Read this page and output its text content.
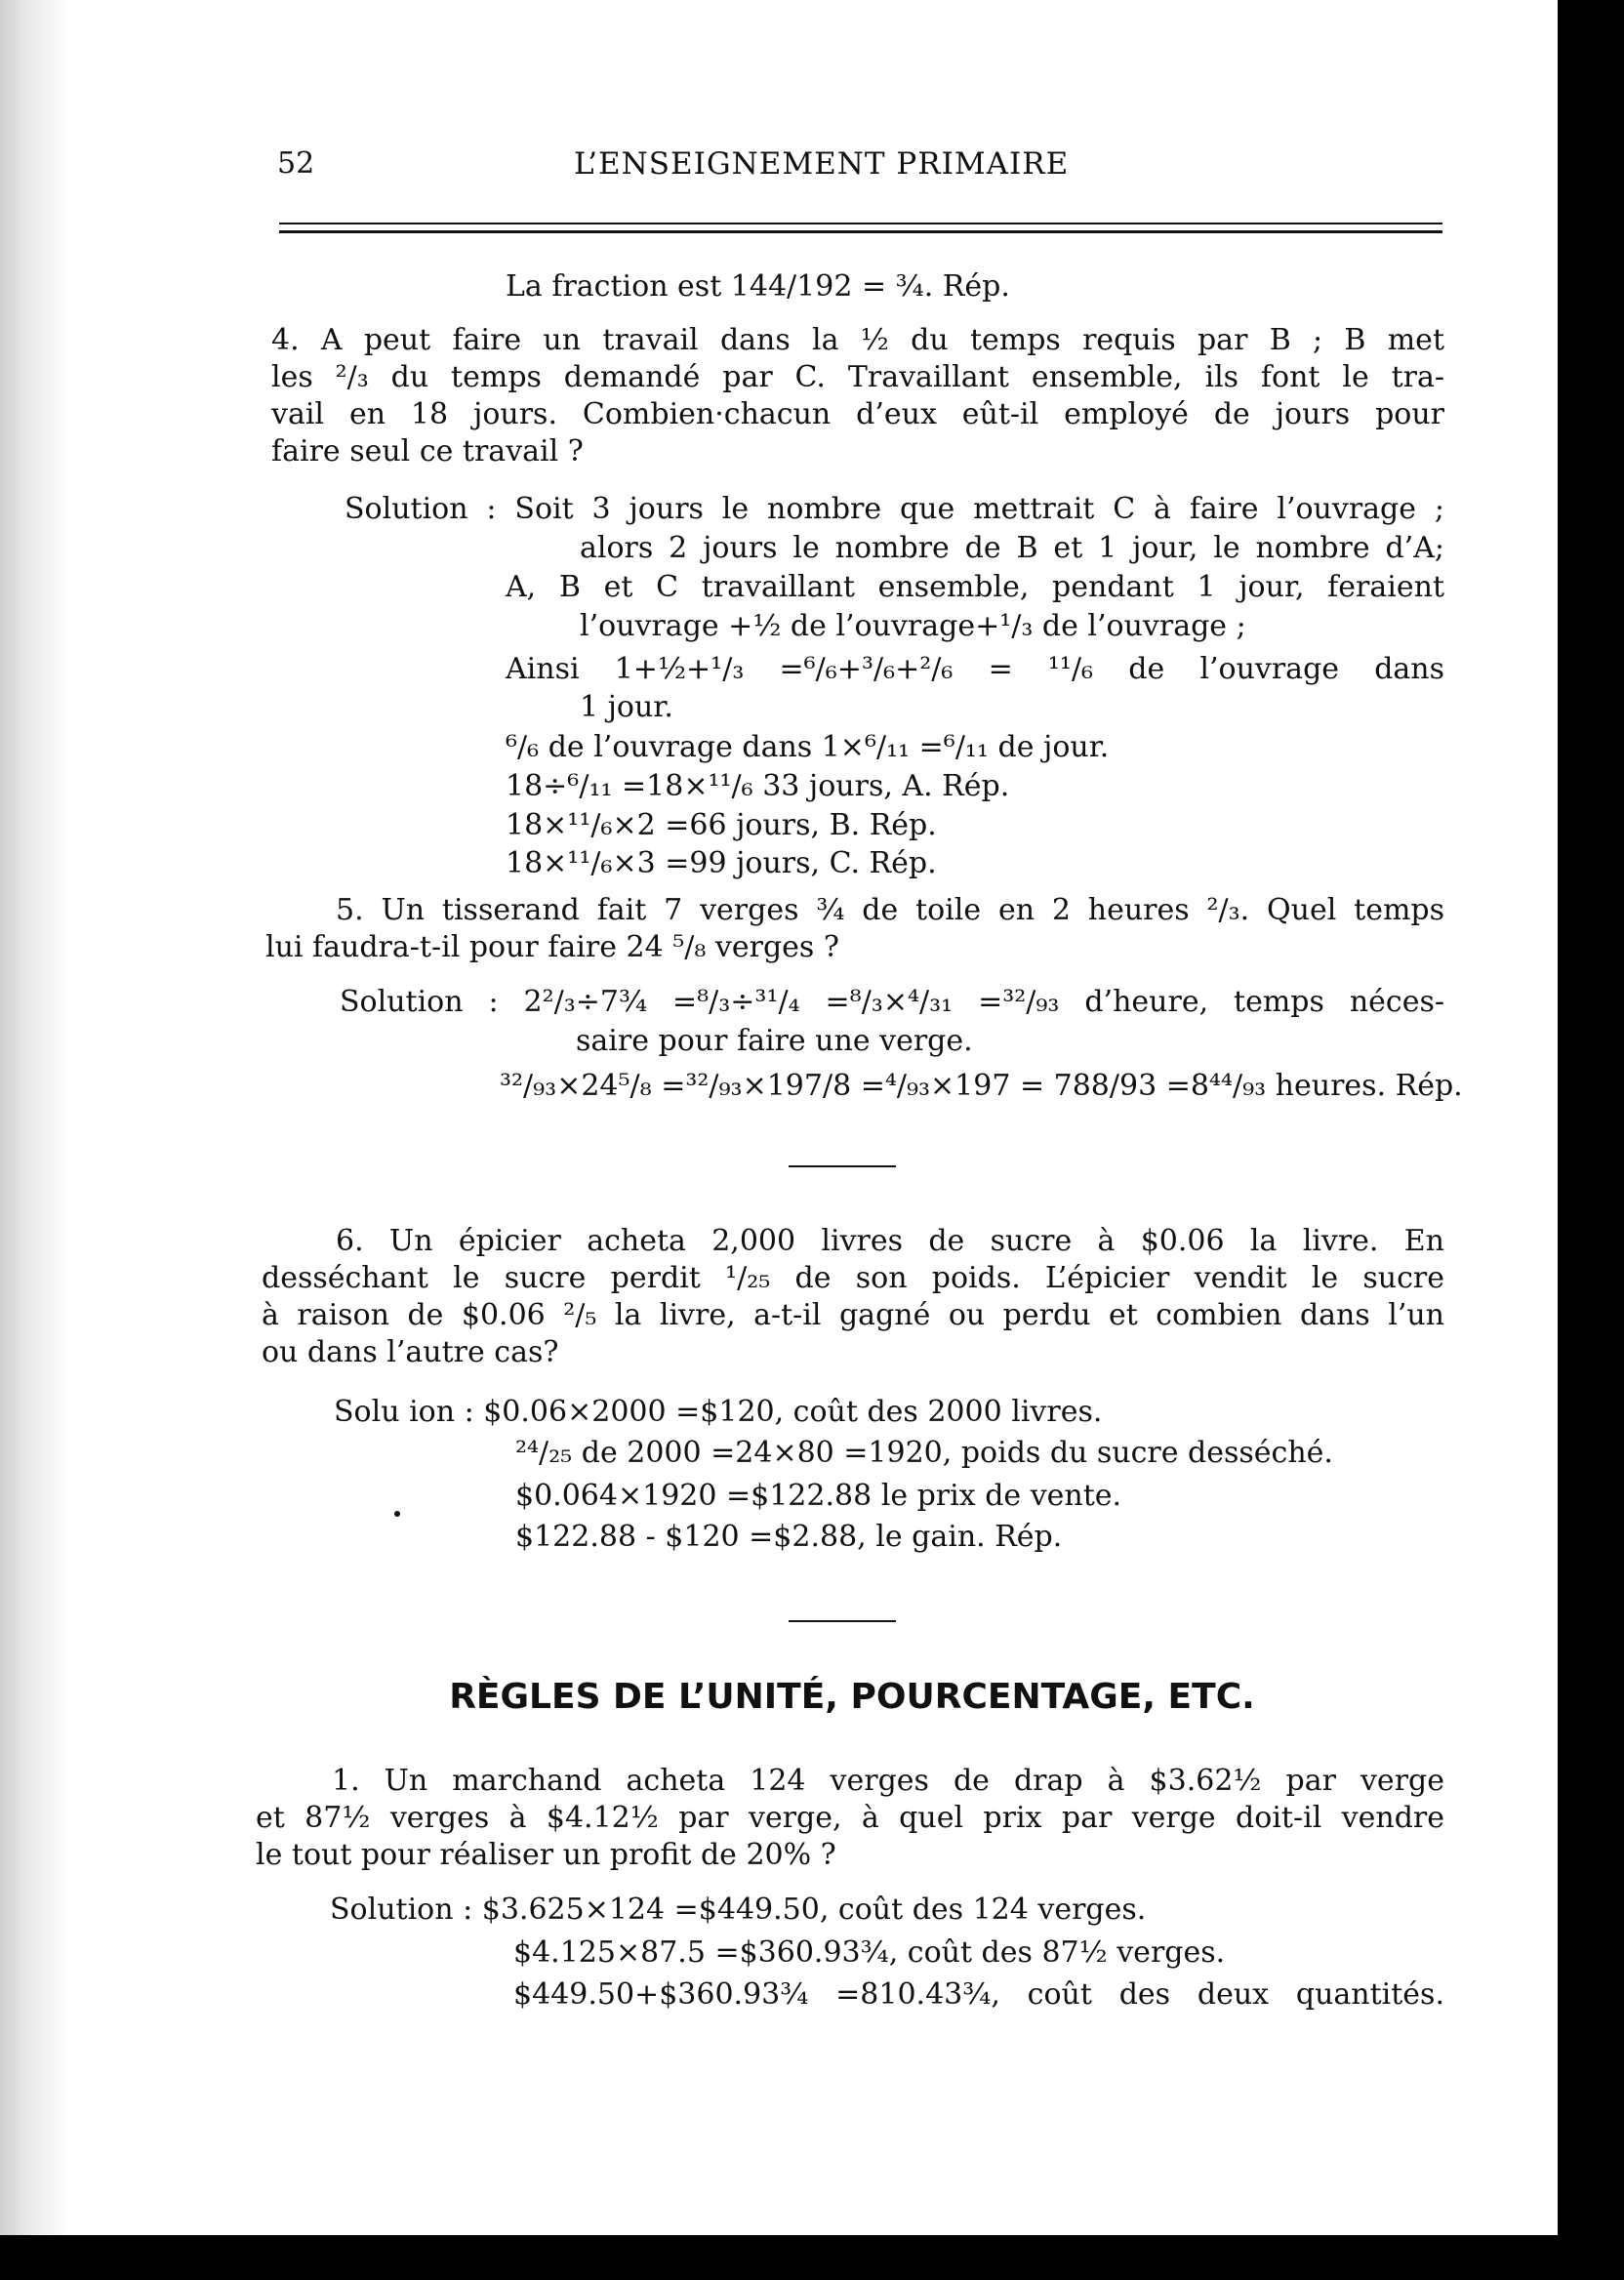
52	L’ENSEIGNEMENT PRIMAIRE
La fraction est 144/192 = ¾. Rép.
4. A peut faire un travail dans la ½ du temps requis par B ; B met
les ²/₃ du temps demandé par C. Travaillant ensemble, ils font le tra-
vail en 18 jours. Combien·chacun d’eux eût-il employé de jours pour
faire seul ce travail ?
Solution : Soit 3 jours le nombre que mettrait C à faire l’ouvrage ;
alors 2 jours le nombre de B et 1 jour, le nombre d’A;
A, B et C travaillant ensemble, pendant 1 jour, feraient
l’ouvrage +½ de l’ouvrage+¹/₃ de l’ouvrage ;
Ainsi 1+½+¹/₃ =⁶/₆+³/₆+²/₆ = ¹¹/₆ de l’ouvrage dans
1 jour.
⁶/₆ de l’ouvrage dans 1×⁶/₁₁ =⁶/₁₁ de jour.
18÷⁶/₁₁ =18×¹¹/₆ 33 jours, A. Rép.
18×¹¹/₆×2 =66 jours, B. Rép.
18×¹¹/₆×3 =99 jours, C. Rép.
5. Un tisserand fait 7 verges ¾ de toile en 2 heures ²/₃. Quel temps
lui faudra-t-il pour faire 24 ⁵/₈ verges ?
Solution : 2²/₃÷7¾ =⁸/₃÷³¹/₄ =⁸/₃×⁴/₃₁ =³²/₉₃ d’heure, temps néces-
saire pour faire une verge.
³²/₉₃×24⁵/₈ =³²/₉₃×197/8 =⁴/₉₃×197 = 788/93 =8⁴⁴/₉₃ heures. Rép.
6. Un épicier acheta 2,000 livres de sucre à $0.06 la livre. En
desséchant le sucre perdit ¹/₂₅ de son poids. L’épicier vendit le sucre
à raison de $0.06 ²/₅ la livre, a-t-il gagné ou perdu et combien dans l’un
ou dans l’autre cas?
Solu ion : $0.06×2000 =$120, coût des 2000 livres.
²⁴/₂₅ de 2000 =24×80 =1920, poids du sucre desséché.
$0.064×1920 =$122.88 le prix de vente.
$122.88 - $120 =$2.88, le gain. Rép.
RÈGLES DE L’UNITÉ, POURCENTAGE, ETC.
1. Un marchand acheta 124 verges de drap à $3.62½ par verge
et 87½ verges à $4.12½ par verge, à quel prix par verge doit-il vendre
le tout pour réaliser un profit de 20% ?
Solution : $3.625×124 =$449.50, coût des 124 verges.
$4.125×87.5 =$360.93¾, coût des 87½ verges.
$449.50+$360.93¾ =810.43¾, coût des deux quantités.
